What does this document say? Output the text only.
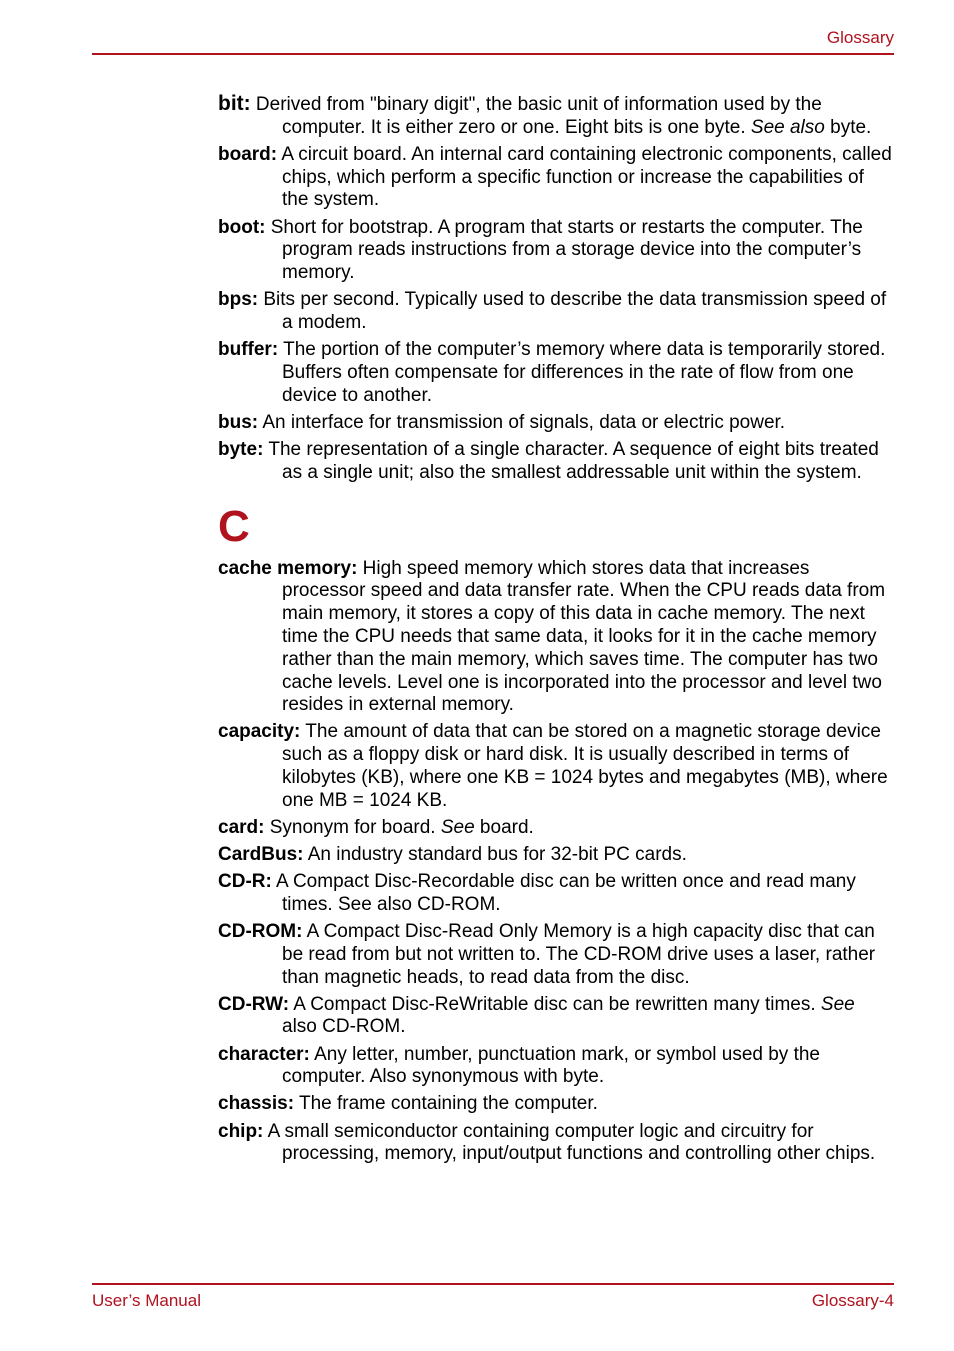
Glossary
bit: Derived from "binary digit", the basic unit of information used by the computer. It is either zero or one. Eight bits is one byte. See also byte.
board: A circuit board. An internal card containing electronic components, called chips, which perform a specific function or increase the capabilities of the system.
boot: Short for bootstrap. A program that starts or restarts the computer. The program reads instructions from a storage device into the computer’s memory.
bps: Bits per second. Typically used to describe the data transmission speed of a modem.
buffer: The portion of the computer’s memory where data is temporarily stored. Buffers often compensate for differences in the rate of flow from one device to another.
bus: An interface for transmission of signals, data or electric power.
byte: The representation of a single character. A sequence of eight bits treated as a single unit; also the smallest addressable unit within the system.
C
cache memory: High speed memory which stores data that increases processor speed and data transfer rate. When the CPU reads data from main memory, it stores a copy of this data in cache memory. The next time the CPU needs that same data, it looks for it in the cache memory rather than the main memory, which saves time. The computer has two cache levels. Level one is incorporated into the processor and level two resides in external memory.
capacity: The amount of data that can be stored on a magnetic storage device such as a floppy disk or hard disk. It is usually described in terms of kilobytes (KB), where one KB = 1024 bytes and megabytes (MB), where one MB = 1024 KB.
card: Synonym for board. See board.
CardBus: An industry standard bus for 32-bit PC cards.
CD-R: A Compact Disc-Recordable disc can be written once and read many times. See also CD-ROM.
CD-ROM: A Compact Disc-Read Only Memory is a high capacity disc that can be read from but not written to. The CD-ROM drive uses a laser, rather than magnetic heads, to read data from the disc.
CD-RW: A Compact Disc-ReWritable disc can be rewritten many times. See also CD-ROM.
character: Any letter, number, punctuation mark, or symbol used by the computer. Also synonymous with byte.
chassis: The frame containing the computer.
chip: A small semiconductor containing computer logic and circuitry for processing, memory, input/output functions and controlling other chips.
User’s Manual	Glossary-4
